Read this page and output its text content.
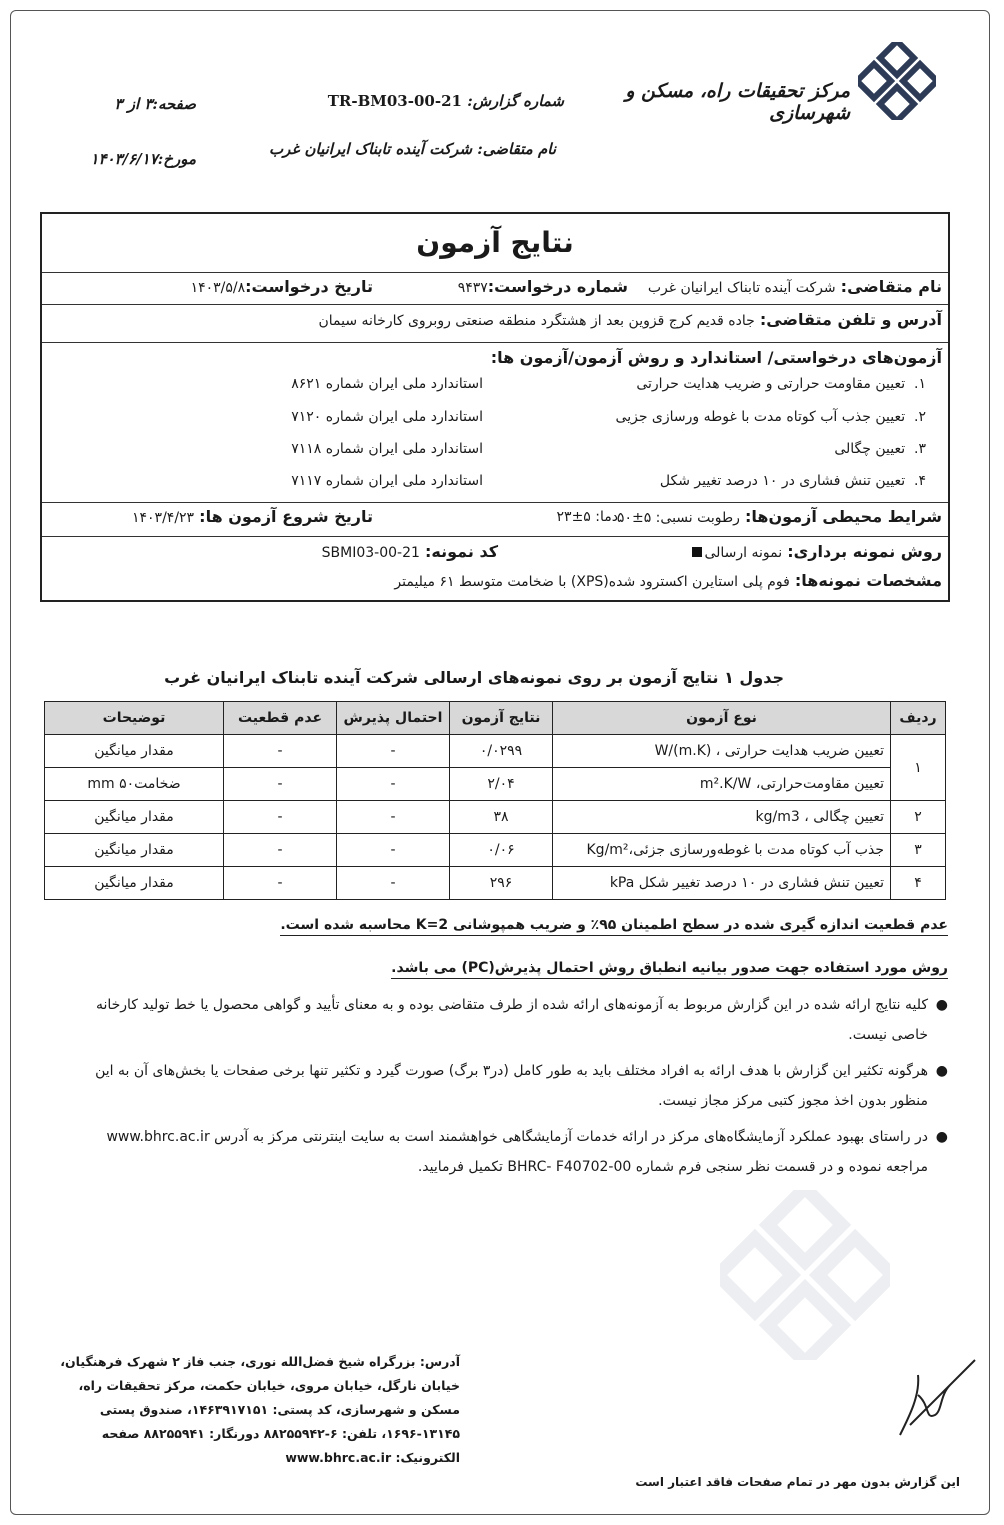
مرکز تحقیقات راه، مسکن و شهرسازی
شماره گزارش: TR-BM03-00-21
صفحه:۳ از ۳
نام متقاضی: شرکت آینده تابناک ایرانیان غرب
مورخ:۱۴۰۳/۶/۱۷
نتایج آزمون
نام متقاضی: شرکت آینده تابناک ایرانیان غرب
شماره درخواست:۹۴۳۷
تاریخ درخواست:۱۴۰۳/۵/۸
آدرس و تلفن متقاضی: جاده قدیم کرج قزوین بعد از هشتگرد منطقه صنعتی روبروی کارخانه سیمان
آزمون‌های درخواستی/ استاندارد و روش آزمون/آزمون ها:
۱.  تعیین مقاومت حرارتی و ضریب هدایت حرارتی
استاندارد ملی ایران شماره ۸۶۲۱
۲.  تعیین جذب آب کوتاه مدت با غوطه ورسازی جزیی
استاندارد ملی ایران شماره ۷۱۲۰
۳.  تعیین چگالی
استاندارد ملی ایران شماره ۷۱۱۸
۴.  تعیین تنش فشاری در ۱۰ درصد تغییر شکل
استاندارد ملی ایران شماره ۷۱۱۷
شرایط محیطی آزمون‌ها: رطوبت نسبی: ۵±۵۰
دما: ۵±۲۳
تاریخ شروع آزمون ها: ۱۴۰۳/۴/۲۳
روش نمونه برداری: نمونه ارسالی
کد نمونه: SBMI03-00-21
مشخصات نمونه‌ها: فوم پلی استایرن اکسترود شده(XPS) با ضخامت متوسط ۶۱ میلیمتر
جدول ۱ نتایج آزمون بر روی نمونه‌های ارسالی شرکت آینده تابناک ایرانیان غرب
ردیف	نوع آزمون	نتایج آزمون	احتمال پذیرش	عدم قطعیت	توضیحات
۱	تعیین ضریب هدایت حرارتی ، W/(m.K)	۰/۰۲۹۹	-	-	مقدار میانگین
	تعیین مقاومت‌حرارتی، m².K/W	۲/۰۴	-	-	ضخامت۵۰ mm
۲	تعیین چگالی ، kg/m3	۳۸	-	-	مقدار میانگین
۳	جذب آب کوتاه مدت با غوطه‌ورسازی جزئی،Kg/m²	۰/۰۶	-	-	مقدار میانگین
۴	تعیین تنش فشاری در ۱۰ درصد تغییر شکل kPa	۲۹۶	-	-	مقدار میانگین
عدم قطعیت اندازه گیری شده در سطح اطمینان ۹۵٪ و ضریب همپوشانی K=2 محاسبه شده است.
روش مورد استفاده جهت صدور بیانیه انطباق روش احتمال پذیرش(PC) می باشد.
●
کلیه نتایج ارائه شده در این گزارش مربوط به آزمونه‌های ارائه شده از طرف متقاضی بوده و به معنای تأیید و گواهی محصول یا خط تولید کارخانه خاصی نیست.
●
هرگونه تکثیر این گزارش با هدف ارائه به افراد مختلف باید به طور کامل (در۳ برگ) صورت گیرد و تکثیر تنها برخی صفحات یا بخش‌های آن به این منظور بدون اخذ مجوز کتبی مرکز مجاز نیست.
●
در راستای بهبود عملکرد آزمایشگاه‌های مرکز در ارائه خدمات آزمایشگاهی خواهشمند است به سایت اینترنتی مرکز به آدرس www.bhrc.ac.ir مراجعه نموده و در قسمت نظر سنجی فرم شماره BHRC- F40702-00 تکمیل فرمایید.
آدرس: بزرگراه شیخ فضل‌الله نوری، جنب فاز ۲ شهرک فرهنگیان،
خیابان نارگل، خیابان مروی، خیابان حکمت، مرکز تحقیقات راه،
مسکن و شهرسازی، کد پستی: ۱۴۶۳۹۱۷۱۵۱، صندوق پستی
۱۶۹۶-۱۳۱۴۵، تلفن: ۶-۸۸۲۵۵۹۴۲ دورنگار: ۸۸۲۵۵۹۴۱ صفحه
الکترونیک: www.bhrc.ac.ir
این گزارش بدون مهر در تمام صفحات فاقد اعتبار است
